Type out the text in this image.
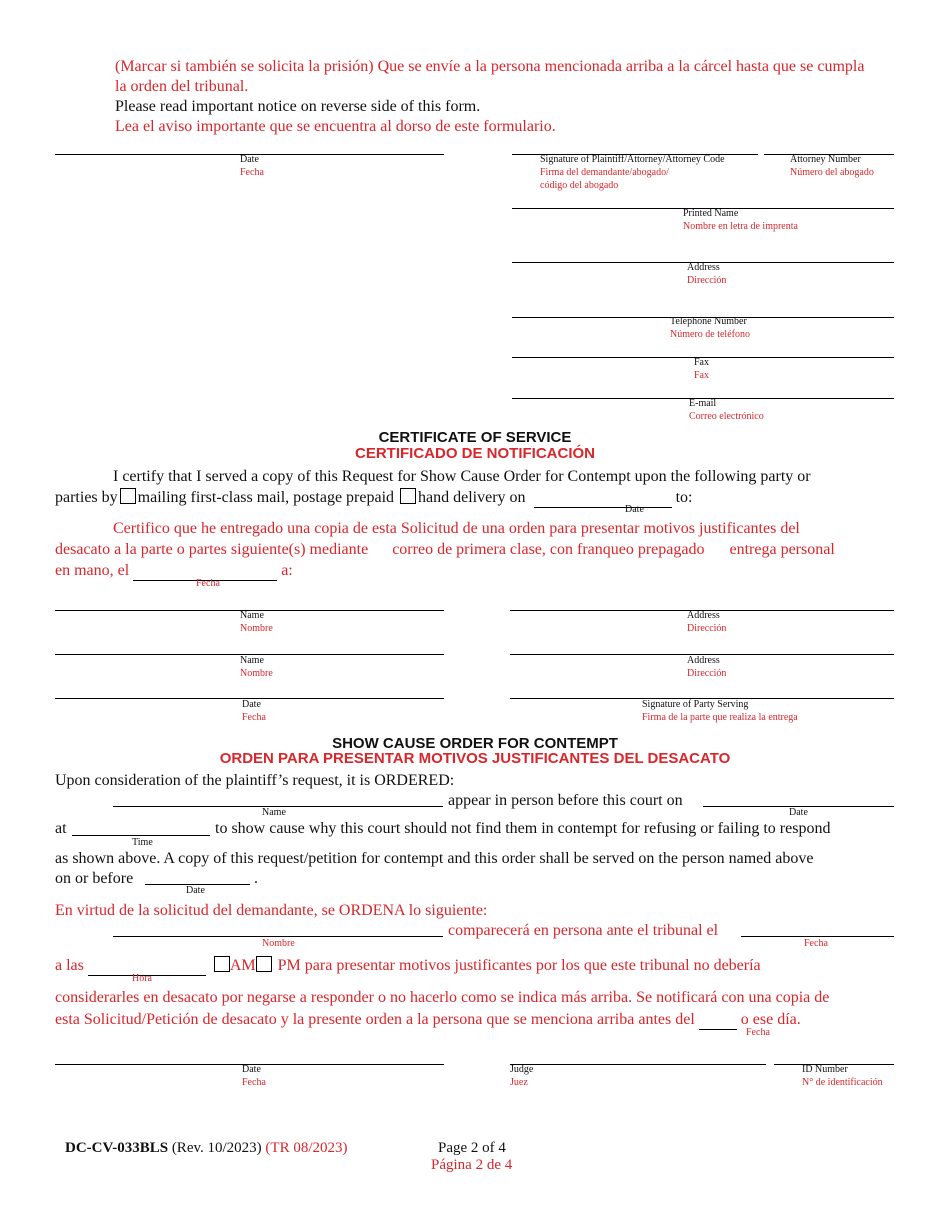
(Marcar si también se solicita la prisión) Que se envíe a la persona mencionada arriba a la cárcel hasta que se cumpla
la orden del tribunal.
Please read important notice on reverse side of this form.
Lea el aviso importante que se encuentra al dorso de este formulario.
Date
Fecha
Signature of Plaintiff/Attorney/Attorney Code
Firma del demandante/abogado/
código del abogado
Attorney Number
Número del abogado
Printed Name
Nombre en letra de imprenta
Address
Dirección
Telephone Number
Número de teléfono
Fax
Fax
E-mail
Correo electrónico
CERTIFICATE OF SERVICE
CERTIFICADO DE NOTIFICACIÓN
I certify that I served a copy of this Request for Show Cause Order for Contempt upon the following party or
parties by mailing first-class mail, postage prepaid hand delivery on	to:
Date
Certifico que he entregado una copia de esta Solicitud de una orden para presentar motivos justificantes del
desacato a la parte o partes siguiente(s) mediante correo de primera clase, con franqueo prepagado entrega personal
en mano, el	a:
Fecha
Name
Nombre
Address
Dirección
Name
Nombre
Address
Dirección
Date
Fecha
Signature of Party Serving
Firma de la parte que realiza la entrega
SHOW CAUSE ORDER FOR CONTEMPT
ORDEN PARA PRESENTAR MOTIVOS JUSTIFICANTES DEL DESACATO
Upon consideration of the plaintiff’s request, it is ORDERED:
appear in person before this court on
Name	Date
at	to show cause why this court should not find them in contempt for refusing or failing to respond
Time
as shown above. A copy of this request/petition for contempt and this order shall be served on the person named above
on or before	.
Date
En virtud de la solicitud del demandante, se ORDENA lo siguiente:
comparecerá en persona ante el tribunal el
Nombre	Fecha
a las	AM PM para presentar motivos justificantes por los que este tribunal no debería
Hora
considerarles en desacato por negarse a responder o no hacerlo como se indica más arriba. Se notificará con una copia de
esta Solicitud/Petición de desacato y la presente orden a la persona que se menciona arriba antes del	o ese día.
Fecha
Date
Fecha
Judge
Juez
ID Number
N° de identificación
DC-CV-033BLS (Rev. 10/2023) (TR 08/2023)	Page 2 of 4
Página 2 de 4
